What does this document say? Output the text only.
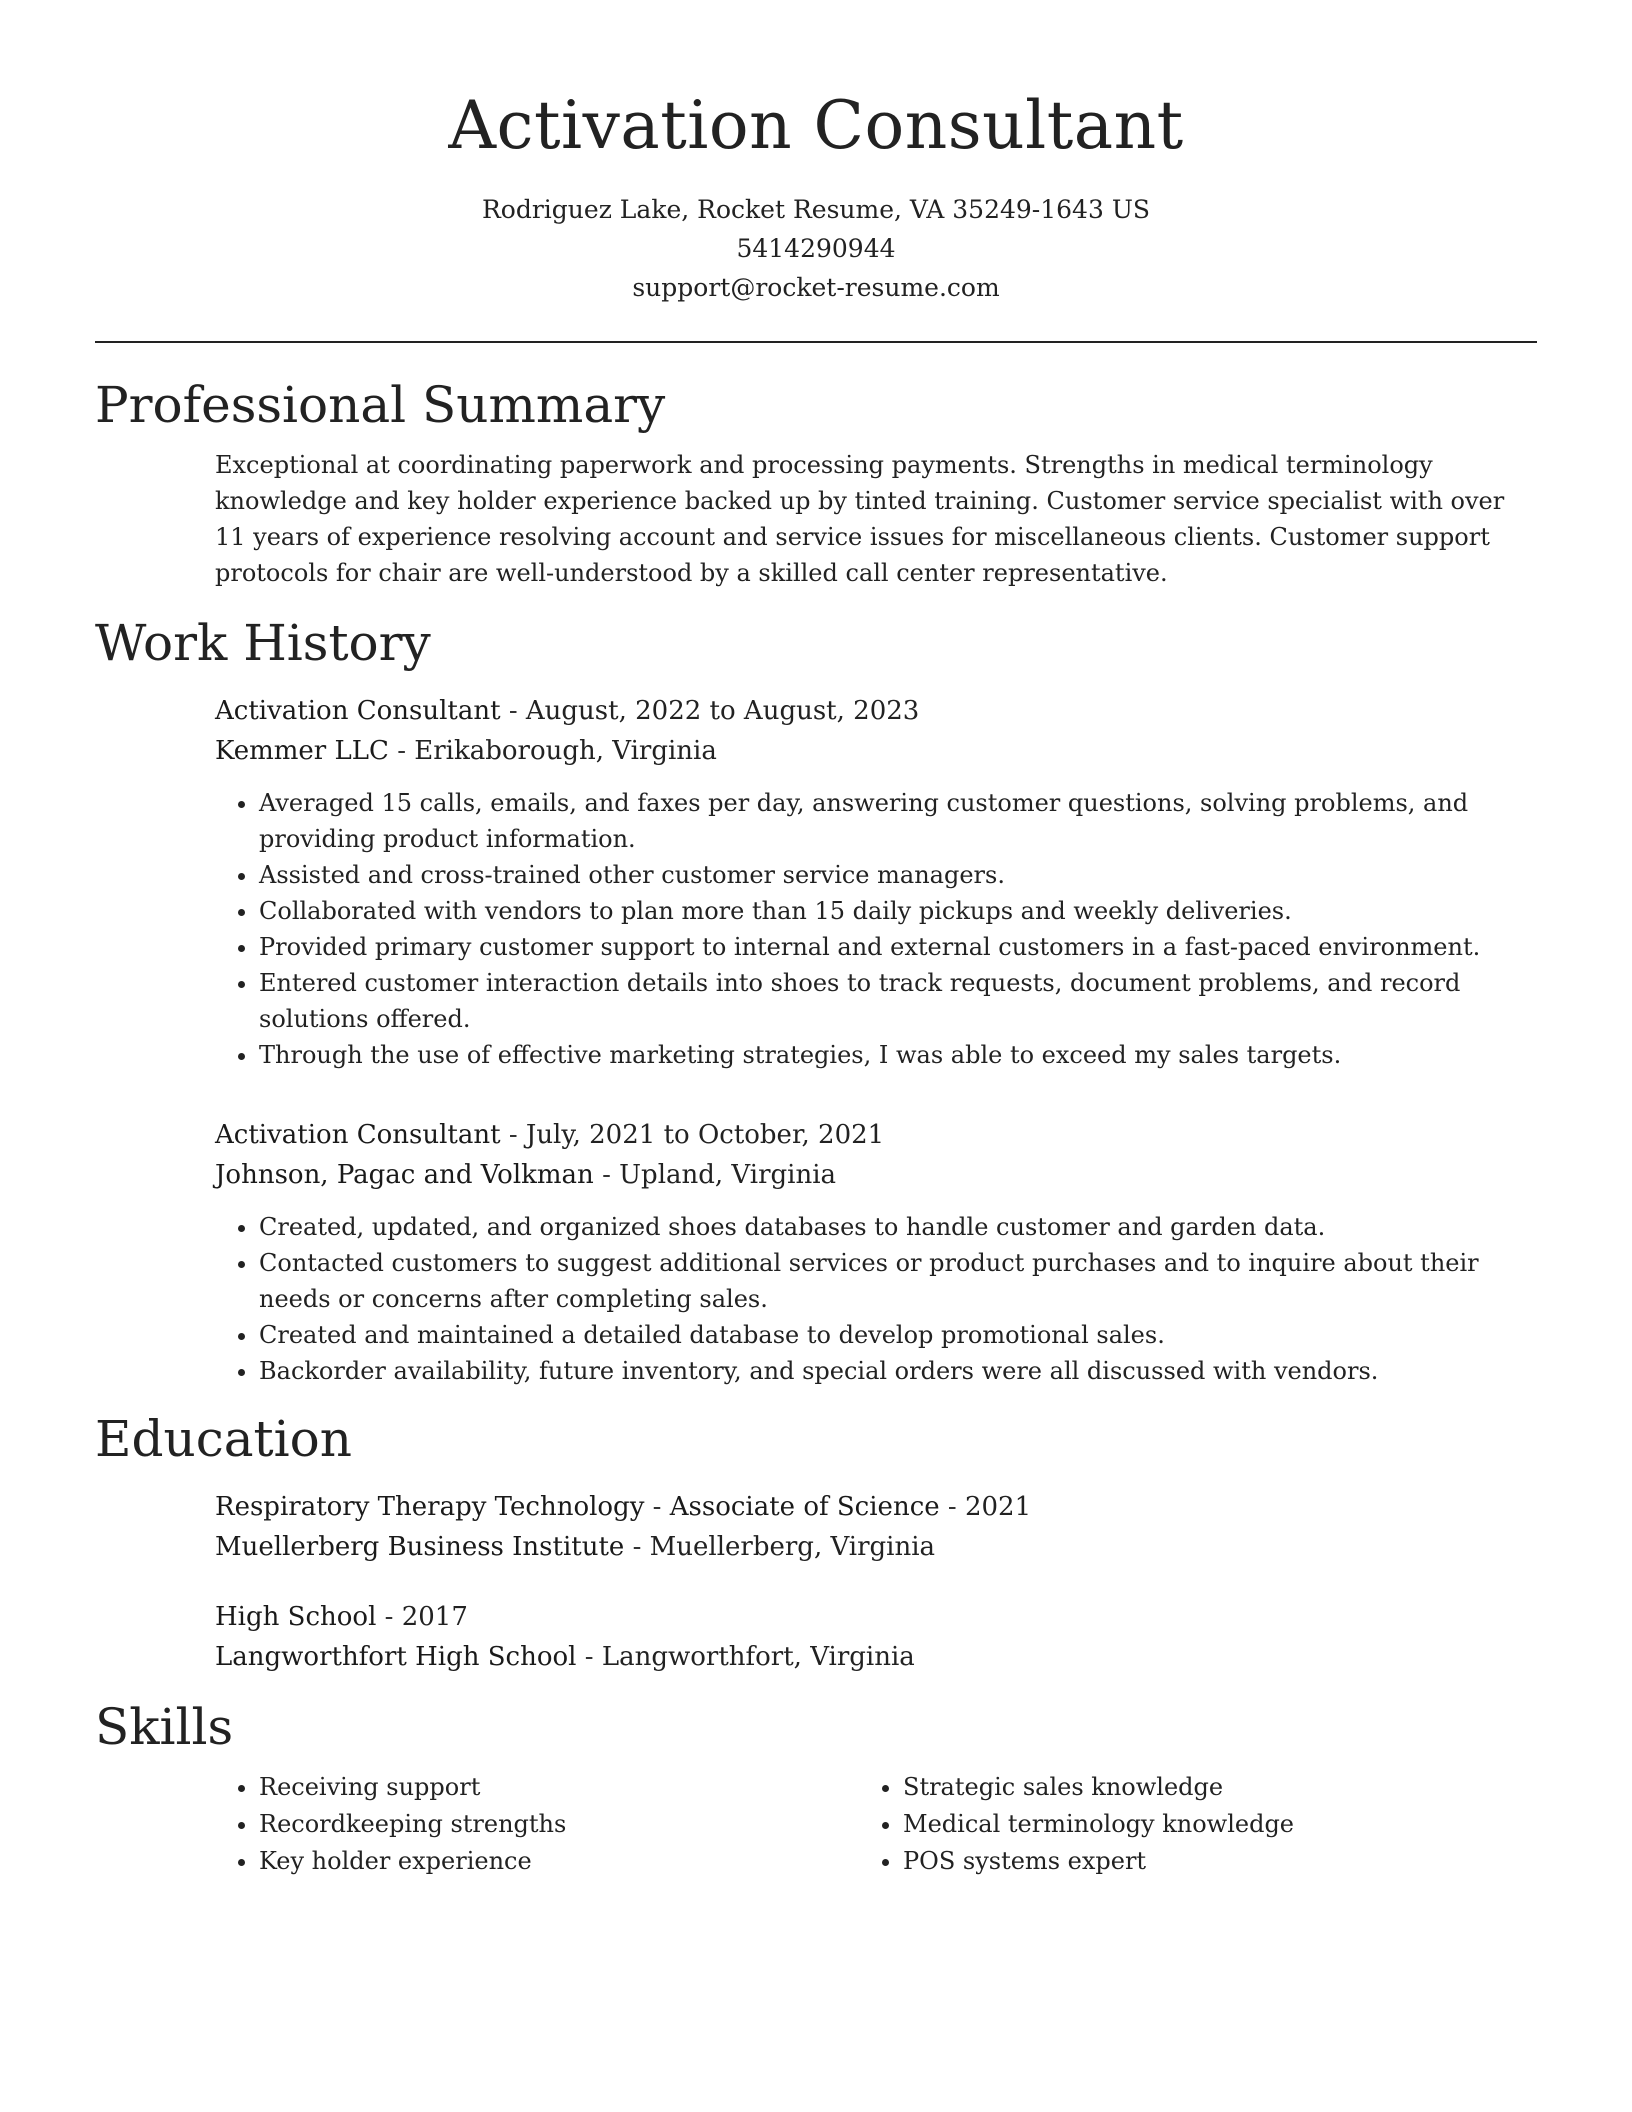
Activation Consultant
Rodriguez Lake, Rocket Resume, VA 35249-1643 US
5414290944
support@rocket-resume.com
Professional Summary

Exceptional at coordinating paperwork and processing payments. Strengths in medical terminology knowledge and key holder experience backed up by tinted training. Customer service specialist with over 11 years of experience resolving account and service issues for miscellaneous clients. Customer support protocols for chair are well-understood by a skilled call center representative.

Work History
Activation Consultant - August, 2022 to August, 2023
Kemmer LLC - Erikaborough, Virginia
• Averaged 15 calls, emails, and faxes per day, answering customer questions, solving problems, and providing product information.
• Assisted and cross-trained other customer service managers.
• Collaborated with vendors to plan more than 15 daily pickups and weekly deliveries.
• Provided primary customer support to internal and external customers in a fast-paced environment.
• Entered customer interaction details into shoes to track requests, document problems, and record solutions offered.
• Through the use of effective marketing strategies, I was able to exceed my sales targets.
Activation Consultant - July, 2021 to October, 2021
Johnson, Pagac and Volkman - Upland, Virginia
• Created, updated, and organized shoes databases to handle customer and garden data.
• Contacted customers to suggest additional services or product purchases and to inquire about their needs or concerns after completing sales.
• Created and maintained a detailed database to develop promotional sales.
• Backorder availability, future inventory, and special orders were all discussed with vendors.
Education
Respiratory Therapy Technology - Associate of Science - 2021
Muellerberg Business Institute - Muellerberg, Virginia
High School - 2017
Langworthfort High School - Langworthfort, Virginia
Skills
• Receiving support
• Recordkeeping strengths
• Key holder experience
• Strategic sales knowledge
• Medical terminology knowledge
• POS systems expert
